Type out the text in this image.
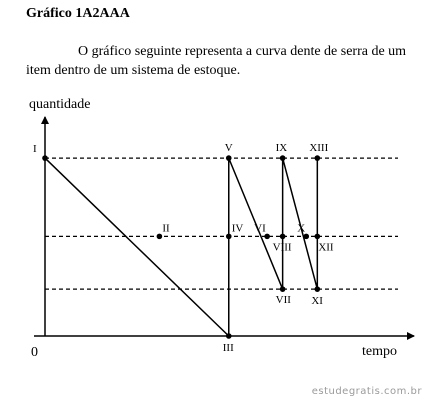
Gráfico 1A2AAA
O gráfico seguinte representa a curva dente de serra de um item dentro de um sistema de estoque.
I
II
III
IV
V
VI
VII
VIII
IX
X
XI
XII
XIII
quantidade
tempo
0
estudegratis.com.br
